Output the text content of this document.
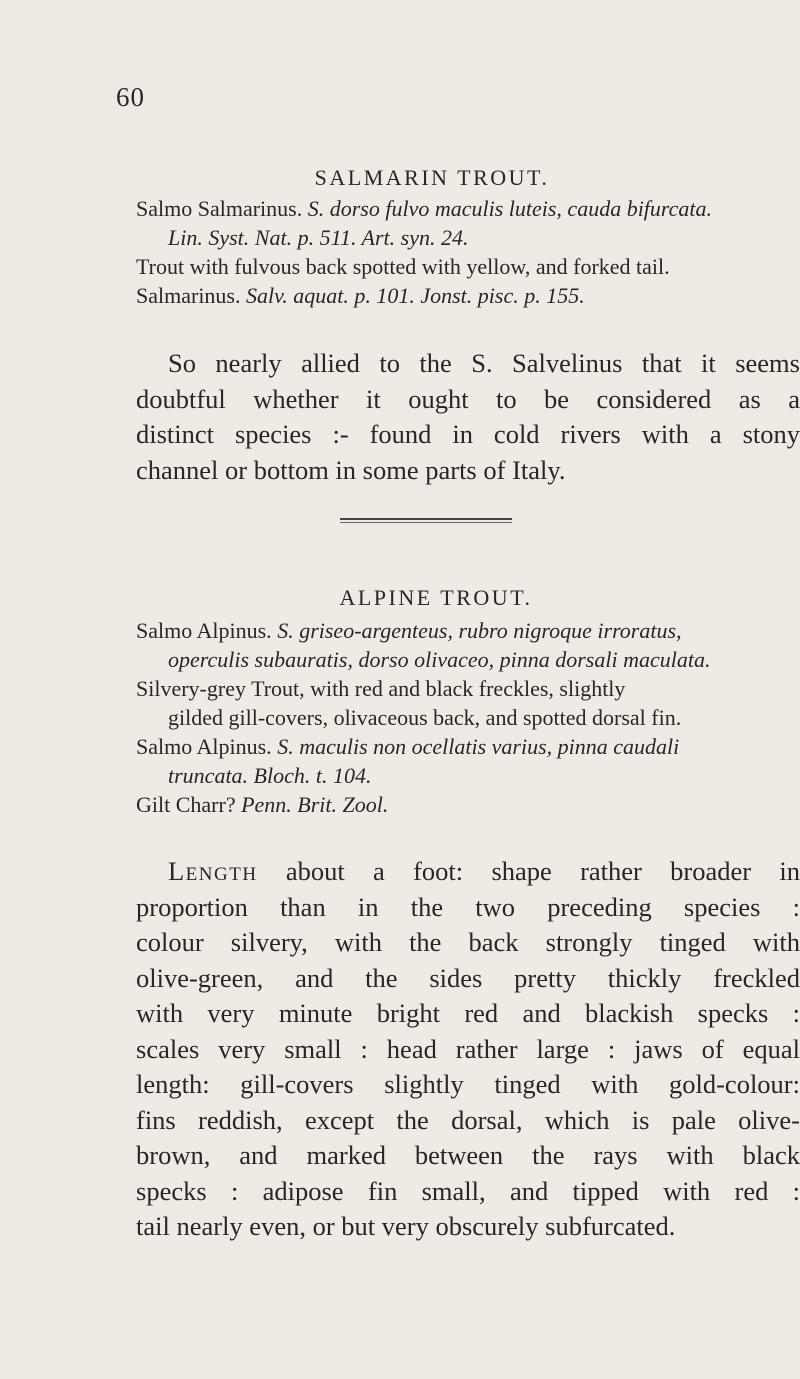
60
SALMARIN TROUT.
Salmo Salmarinus. S. dorso fulvo maculis luteis, cauda bifurcata.
Lin. Syst. Nat. p. 511. Art. syn. 24.
Trout with fulvous back spotted with yellow, and forked tail.
Salmarinus. Salv. aquat. p. 101. Jonst. pisc. p. 155.
So nearly allied to the S. Salvelinus that it seems
doubtful whether it ought to be considered as a
distinct species :- found in cold rivers with a stony
channel or bottom in some parts of Italy.
ALPINE TROUT.
Salmo Alpinus. S. griseo-argenteus, rubro nigroque irroratus,
operculis subauratis, dorso olivaceo, pinna dorsali maculata.
Silvery-grey Trout, with red and black freckles, slightly
gilded gill-covers, olivaceous back, and spotted dorsal fin.
Salmo Alpinus. S. maculis non ocellatis varius, pinna caudali
truncata. Bloch. t. 104.
Gilt Charr? Penn. Brit. Zool.
Length about a foot: shape rather broader in
proportion than in the two preceding species :
colour silvery, with the back strongly tinged with
olive-green, and the sides pretty thickly freckled
with very minute bright red and blackish specks :
scales very small : head rather large : jaws of equal
length: gill-covers slightly tinged with gold-colour:
fins reddish, except the dorsal, which is pale olive-
brown, and marked between the rays with black
specks : adipose fin small, and tipped with red :
tail nearly even, or but very obscurely subfurcated.
